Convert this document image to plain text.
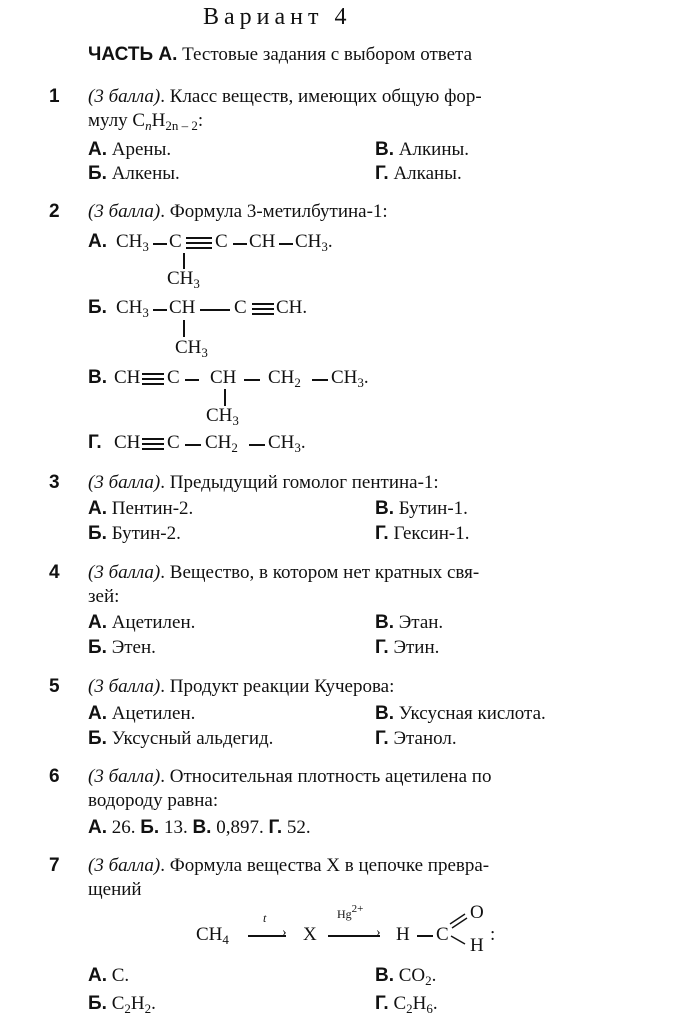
Вариант 4
ЧАСТЬ А. Тестовые задания с выбором ответа
1 (3 балла). Класс веществ, имеющих общую фор-
мулу $C_nH_{2n - 2}$:
А. Арены.	В. Алкины.
Б. Алкены.	Г. Алканы.
2 (3 балла). Формула 3-метилбутина-1:
А. $CH_3$ C C CH $CH_3$.
$CH_3$
Б. $CH_3$ CH C CH.
$CH_3$
В. CH C CH $CH_2$ $CH_3$.
$CH_3$
Г. CH C $CH_2$ $CH_3$.
3 (3 балла). Предыдущий гомолог пентина-1:
А. Пентин-2.	В. Бутин-1.
Б. Бутин-2.	Г. Гексин-1.
4 (3 балла). Вещество, в котором нет кратных свя-
зей:
А. Ацетилен.	В. Этан.
Б. Этен.	Г. Этин.
5 (3 балла). Продукт реакции Кучерова:
А. Ацетилен.	В. Уксусная кислота.
Б. Уксусный альдегид.	Г. Этанол.
6 (3 балла). Относительная плотность ацетилена по
водороду равна:
А. 26. Б. 13. В. 0,897. Г. 52.
7 (3 балла). Формула вещества X в цепочке превра-
щений
$CH_4$
t
› X
$Hg^{2+}$
› H C
O
H
:
А. C.	В. $CO_2$.
Б. $C_2H_2$.	Г. $C_2H_6$.
